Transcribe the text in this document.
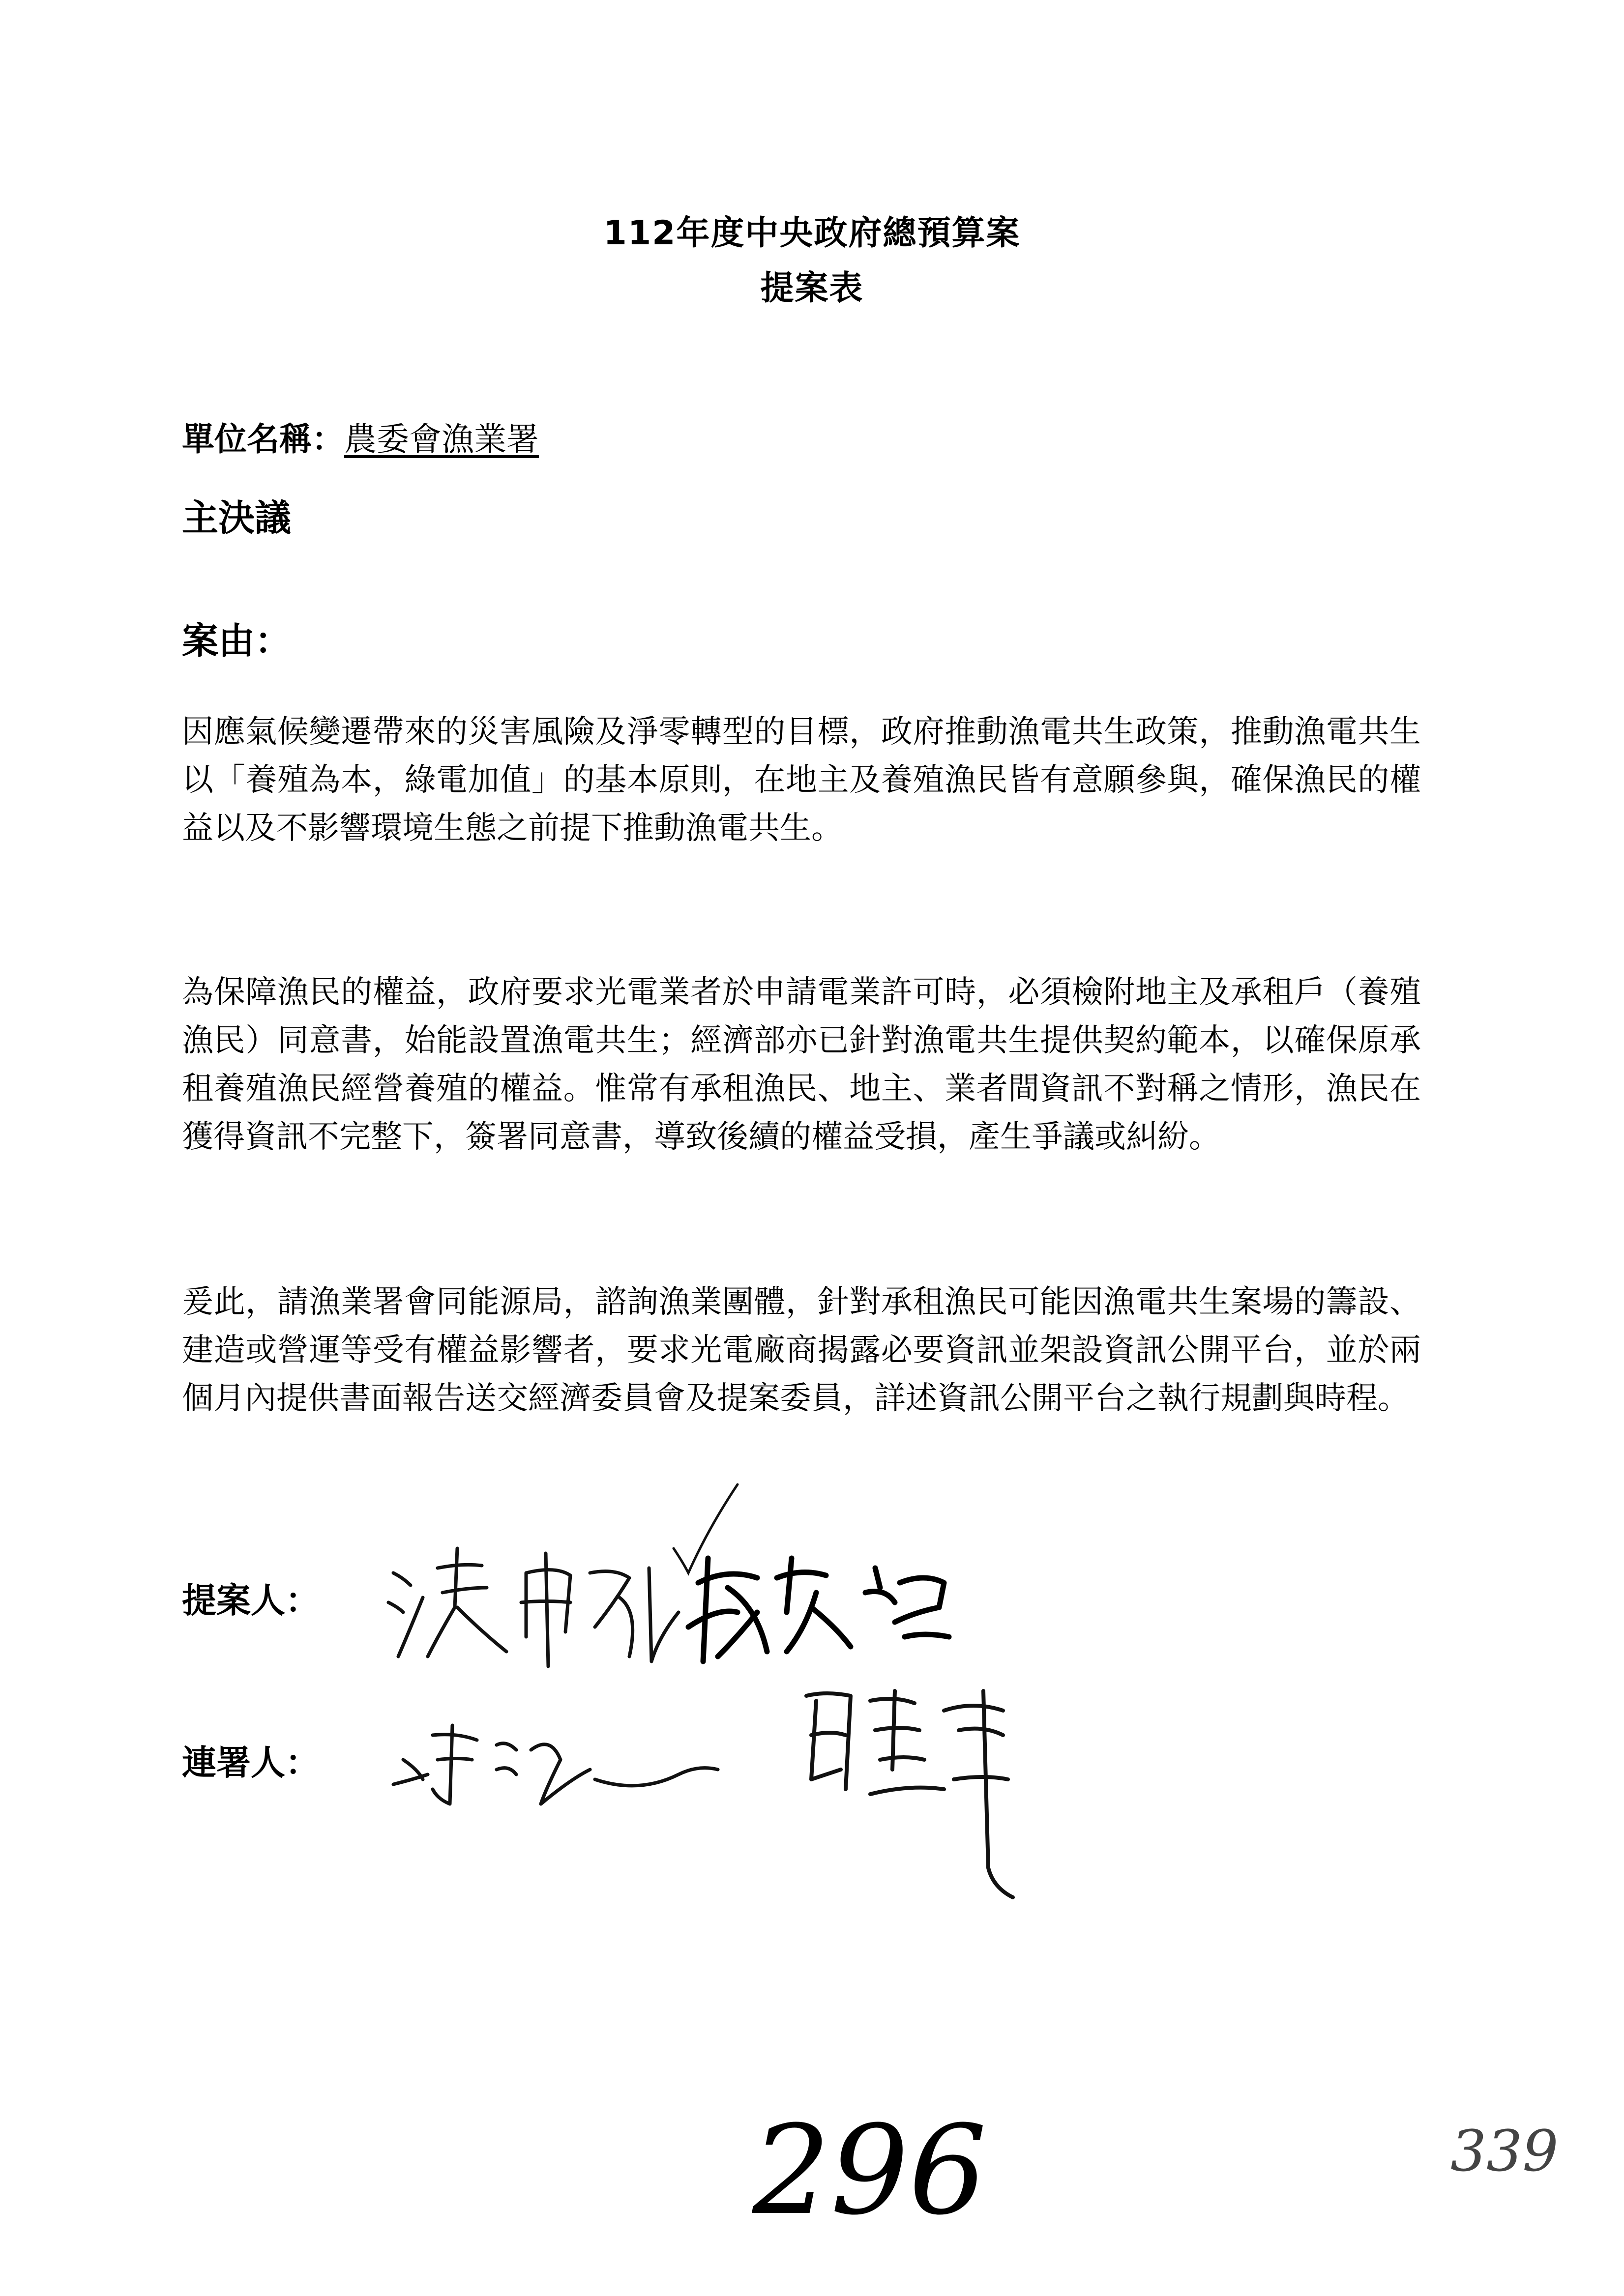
112年度中央政府總預算案
提案表
單位名稱：農委會漁業署
主決議
案由：
因應氣候變遷帶來的災害風險及淨零轉型的目標，政府推動漁電共生政策，推動漁電共生以「養殖為本，綠電加值」的基本原則，在地主及養殖漁民皆有意願參與，確保漁民的權益以及不影響環境生態之前提下推動漁電共生。
為保障漁民的權益，政府要求光電業者於申請電業許可時，必須檢附地主及承租戶（養殖漁民）同意書，始能設置漁電共生；經濟部亦已針對漁電共生提供契約範本，以確保原承租養殖漁民經營養殖的權益。惟常有承租漁民、地主、業者間資訊不對稱之情形，漁民在獲得資訊不完整下，簽署同意書，導致後續的權益受損，產生爭議或糾紛。
爰此，請漁業署會同能源局，諮詢漁業團體，針對承租漁民可能因漁電共生案場的籌設、建造或營運等受有權益影響者，要求光電廠商揭露必要資訊並架設資訊公開平台，並於兩個月內提供書面報告送交經濟委員會及提案委員，詳述資訊公開平台之執行規劃與時程。
提案人：
連署人：
296	339
